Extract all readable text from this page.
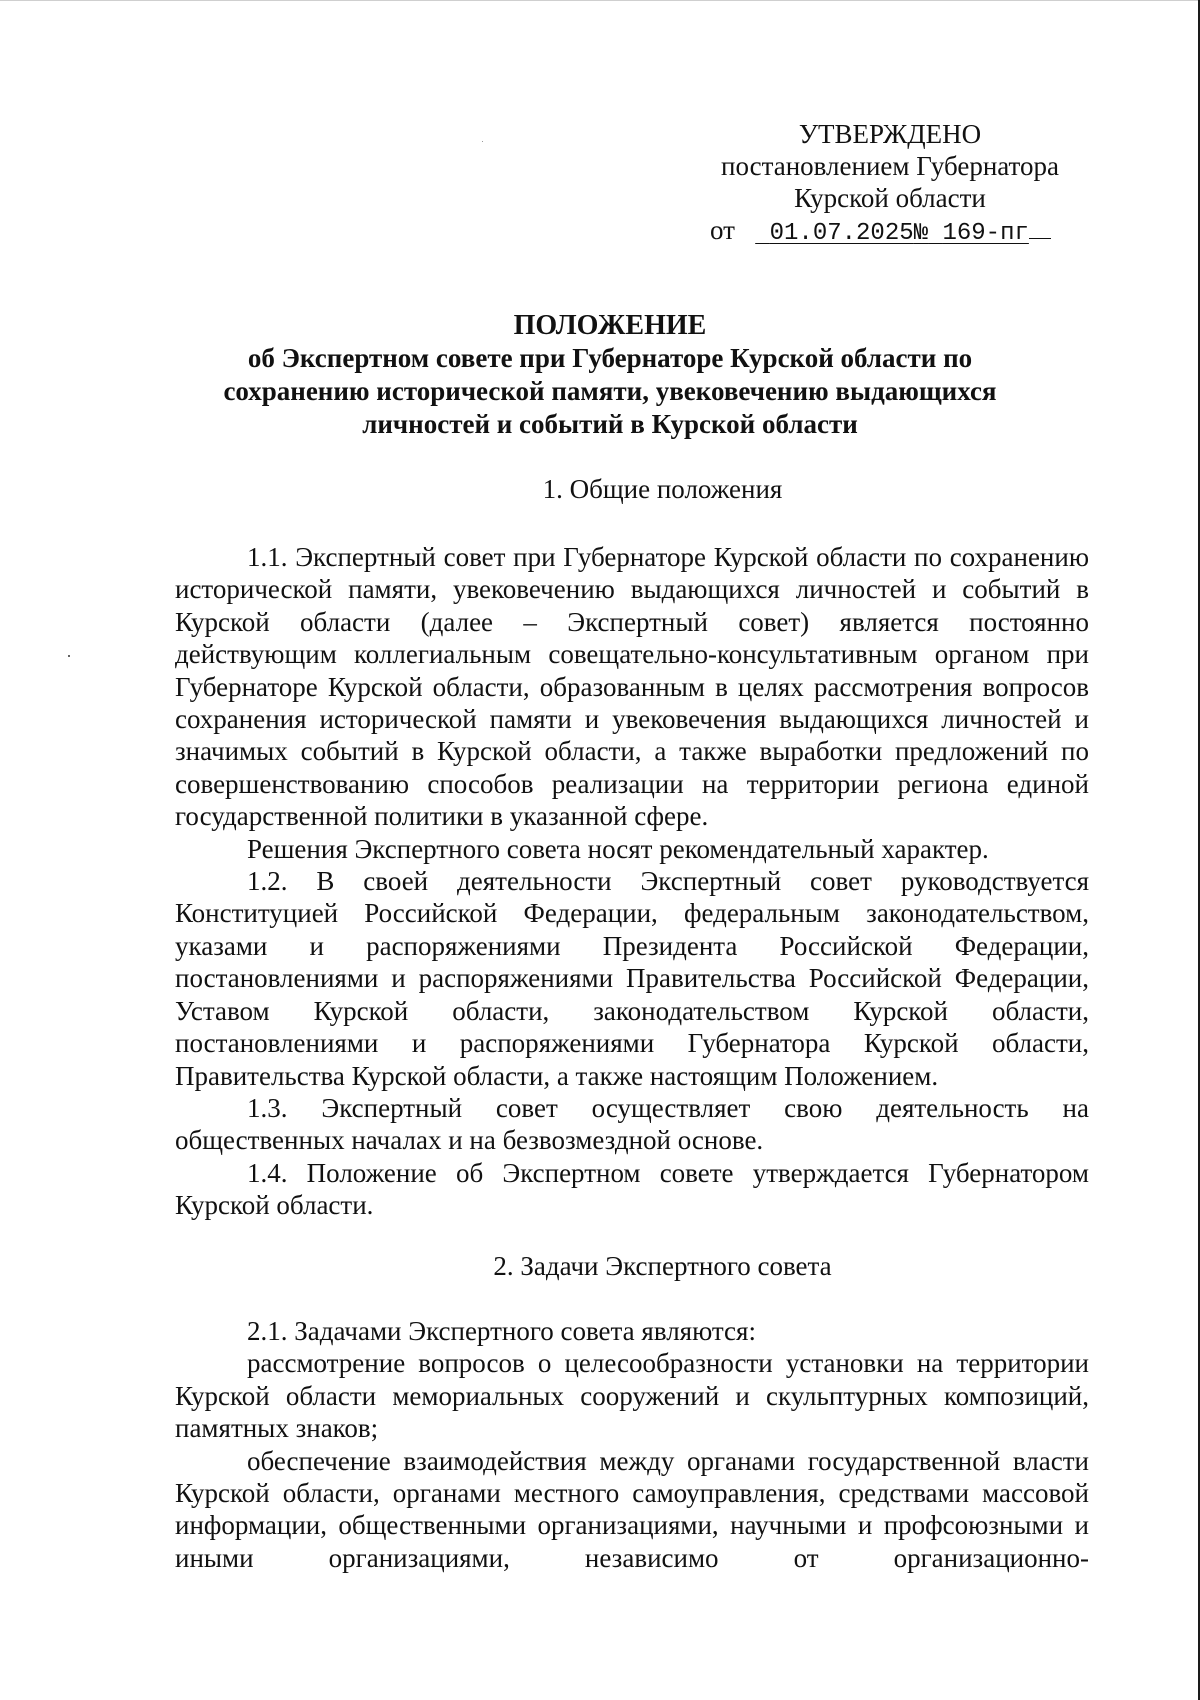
УТВЕРЖДЕНО
постановлением Губернатора
Курской области
от 01.07.2025№ 169-пг
ПОЛОЖЕНИЕ
об Экспертном совете при Губернаторе Курской области по
сохранению исторической памяти, увековечению выдающихся
личностей и событий в Курской области
1. Общие положения

1.1. Экспертный совет при Губернаторе Курской области по сохранению исторической памяти, увековечению выдающихся личностей и событий в Курской области (далее – Экспертный совет) является постоянно действующим коллегиальным совещательно-консультативным органом при Губернаторе Курской области, образованным в целях рассмотрения вопросов сохранения исторической памяти и увековечения выдающихся личностей и значимых событий в Курской области, а также выработки предложений по совершенствованию способов реализации на территории региона единой государственной политики в указанной сфере.

Решения Экспертного совета носят рекомендательный характер.

1.2. В своей деятельности Экспертный совет руководствуется Конституцией Российской Федерации, федеральным законодательством, указами и распоряжениями Президента Российской Федерации, постановлениями и распоряжениями Правительства Российской Федерации, Уставом Курской области, законодательством Курской области, постановлениями и распоряжениями Губернатора Курской области, Правительства Курской области, а также настоящим Положением.

1.3. Экспертный совет осуществляет свою деятельность на общественных началах и на безвозмездной основе.

1.4. Положение об Экспертном совете утверждается Губернатором Курской области.

2. Задачи Экспертного совета

2.1. Задачами Экспертного совета являются:

рассмотрение вопросов о целесообразности установки на территории Курской области мемориальных сооружений и скульптурных композиций, памятных знаков;

обеспечение взаимодействия между органами государственной власти Курской области, органами местного самоуправления, средствами массовой информации, общественными организациями, научными и профсоюзными и иными организациями, независимо от организационно-
